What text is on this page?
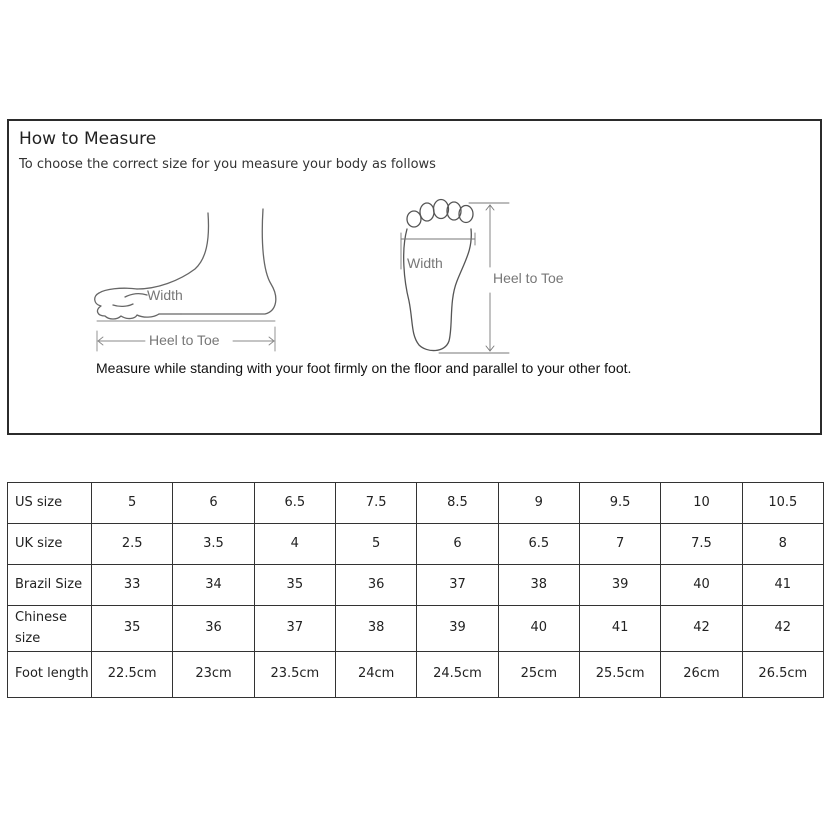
How to Measure
To choose the correct size for you measure your body as follows
Width
Heel to Toe
Width
Heel to Toe
Measure while standing with your foot firmly on the floor and parallel to your other foot.
US size	5	6	6.5	7.5	8.5	9	9.5	10	10.5
UK size	2.5	3.5	4	5	6	6.5	7	7.5	8
Brazil Size	33	34	35	36	37	38	39	40	41
Chinese size	35	36	37	38	39	40	41	42	42
Foot length	22.5cm	23cm	23.5cm	24cm	24.5cm	25cm	25.5cm	26cm	26.5cm
